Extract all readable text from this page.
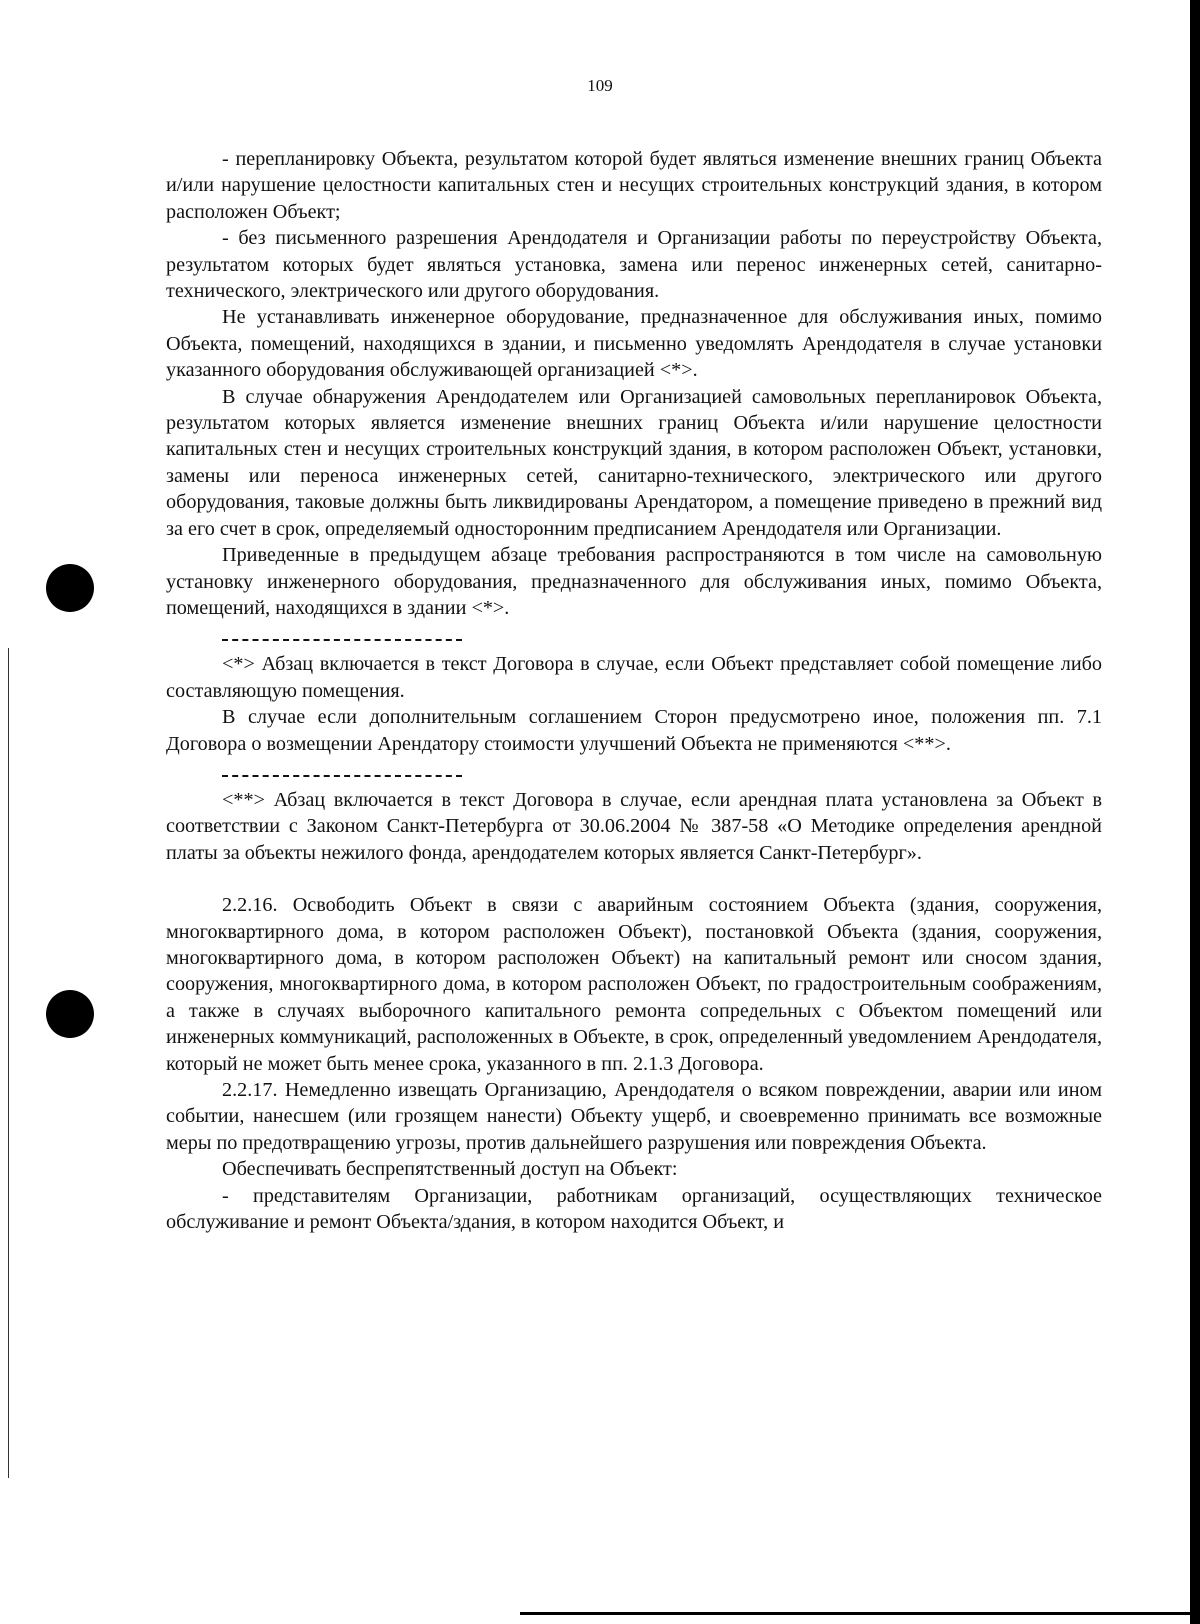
109

- перепланировку Объекта, результатом которой будет являться изменение внешних границ Объекта и/или нарушение целостности капитальных стен и несущих строительных конструкций здания, в котором расположен Объект;

- без письменного разрешения Арендодателя и Организации работы по переустройству Объекта, результатом которых будет являться установка, замена или перенос инженерных сетей, санитарно-технического, электрического или другого оборудования.

Не устанавливать инженерное оборудование, предназначенное для обслуживания иных, помимо Объекта, помещений, находящихся в здании, и письменно уведомлять Арендодателя в случае установки указанного оборудования обслуживающей организацией <*>.

В случае обнаружения Арендодателем или Организацией самовольных перепланировок Объекта, результатом которых является изменение внешних границ Объекта и/или нарушение целостности капитальных стен и несущих строительных конструкций здания, в котором расположен Объект, установки, замены или переноса инженерных сетей, санитарно-технического, электрического или другого оборудования, таковые должны быть ликвидированы Арендатором, а помещение приведено в прежний вид за его счет в срок, определяемый односторонним предписанием Арендодателя или Организации.

Приведенные в предыдущем абзаце требования распространяются в том числе на самовольную установку инженерного оборудования, предназначенного для обслуживания иных, помимо Объекта, помещений, находящихся в здании <*>.

<*> Абзац включается в текст Договора в случае, если Объект представляет собой помещение либо составляющую помещения.

В случае если дополнительным соглашением Сторон предусмотрено иное, положения пп. 7.1 Договора о возмещении Арендатору стоимости улучшений Объекта не применяются <**>.

<**> Абзац включается в текст Договора в случае, если арендная плата установлена за Объект в соответствии с Законом Санкт-Петербурга от 30.06.2004 № 387-58 «О Методике определения арендной платы за объекты нежилого фонда, арендодателем которых является Санкт-Петербург».

2.2.16. Освободить Объект в связи с аварийным состоянием Объекта (здания, сооружения, многоквартирного дома, в котором расположен Объект), постановкой Объекта (здания, сооружения, многоквартирного дома, в котором расположен Объект) на капитальный ремонт или сносом здания, сооружения, многоквартирного дома, в котором расположен Объект, по градостроительным соображениям, а также в случаях выборочного капитального ремонта сопредельных с Объектом помещений или инженерных коммуникаций, расположенных в Объекте, в срок, определенный уведомлением Арендодателя, который не может быть менее срока, указанного в пп. 2.1.3 Договора.

2.2.17. Немедленно извещать Организацию, Арендодателя о всяком повреждении, аварии или ином событии, нанесшем (или грозящем нанести) Объекту ущерб, и своевременно принимать все возможные меры по предотвращению угрозы, против дальнейшего разрушения или повреждения Объекта.

Обеспечивать беспрепятственный доступ на Объект:

- представителям Организации, работникам организаций, осуществляющих техническое обслуживание и ремонт Объекта/здания, в котором находится Объект, и
